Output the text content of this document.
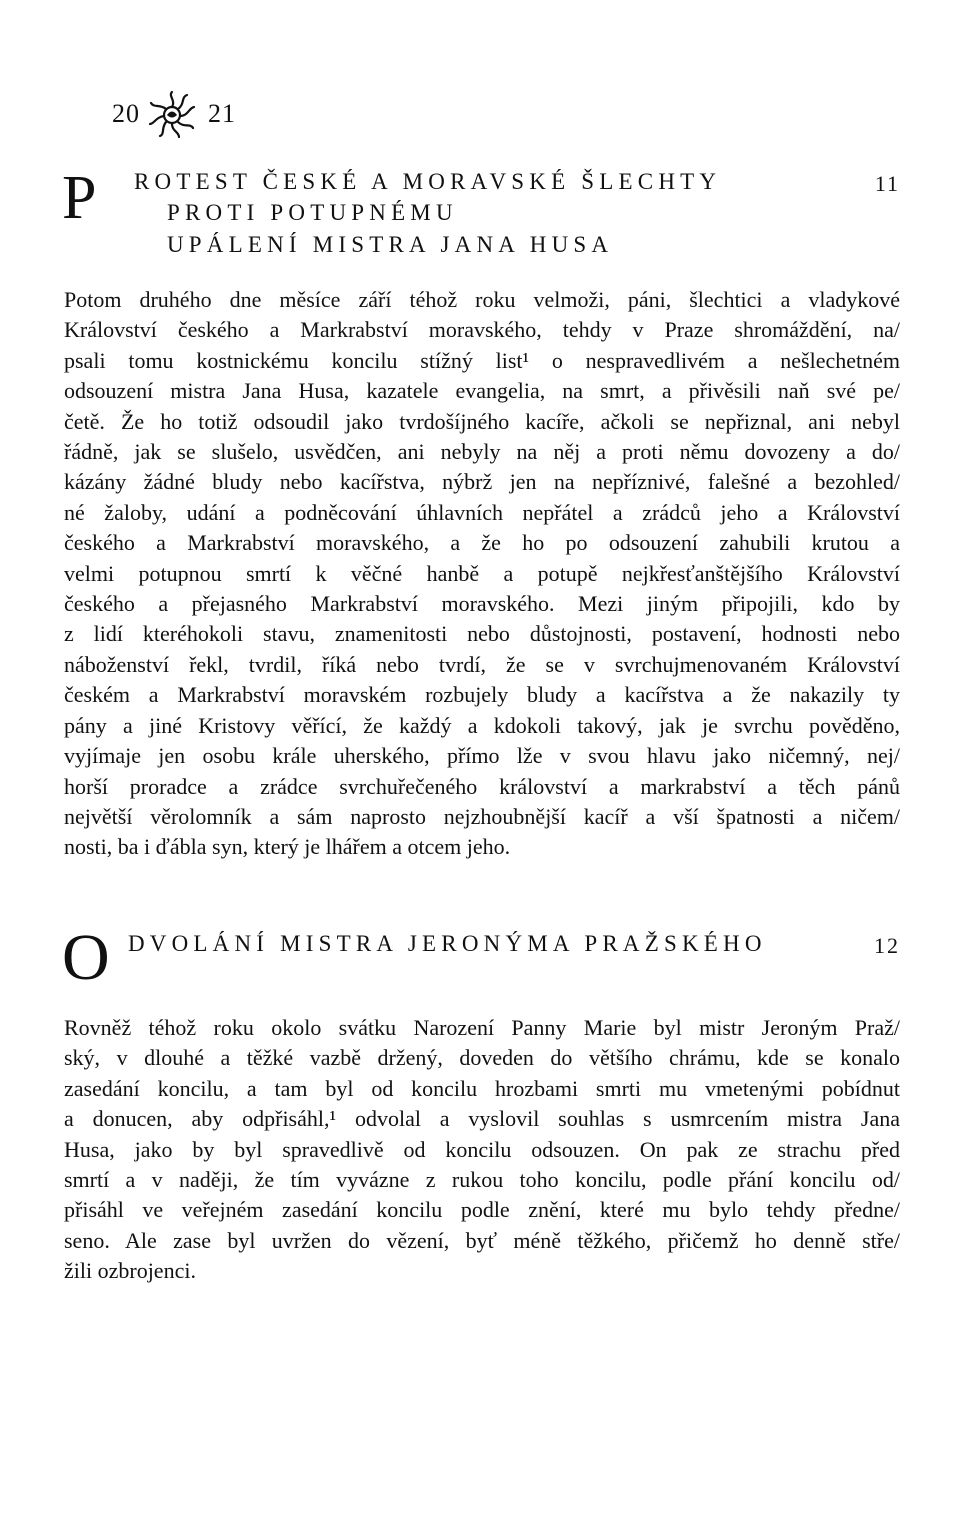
20	21
P ROTEST ČESKÉ A MORAVSKÉ ŠLECHTY
PROTI POTUPNÉMU
UPÁLENÍ MISTRA JANA HUSA
11
Potom druhého dne měsíce září téhož roku velmoži, páni, šlechtici a vladykové
Království českého a Markrabství moravského, tehdy v Praze shromáždění, na/
psali tomu kostnickému koncilu stížný list¹ o nespravedlivém a nešlechetném
odsouzení mistra Jana Husa, kazatele evangelia, na smrt, a přivěsili naň své pe/
četě. Že ho totiž odsoudil jako tvrdošíjného kacíře, ačkoli se nepřiznal, ani nebyl
řádně, jak se slušelo, usvědčen, ani nebyly na něj a proti němu dovozeny a do/
kázány žádné bludy nebo kacířstva, nýbrž jen na nepříznivé, falešné a bezohled/
né žaloby, udání a podněcování úhlavních nepřátel a zrádců jeho a Království
českého a Markrabství moravského, a že ho po odsouzení zahubili krutou a
velmi potupnou smrtí k věčné hanbě a potupě nejkřesťanštějšího Království
českého a přejasného Markrabství moravského. Mezi jiným připojili, kdo by
z lidí kteréhokoli stavu, znamenitosti nebo důstojnosti, postavení, hodnosti nebo
náboženství řekl, tvrdil, říká nebo tvrdí, že se v svrchujmenovaném Království
českém a Markrabství moravském rozbujely bludy a kacířstva a že nakazily ty
pány a jiné Kristovy věřící, že každý a kdokoli takový, jak je svrchu pověděno,
vyjímaje jen osobu krále uherského, přímo lže v svou hlavu jako ničemný, nej/
horší proradce a zrádce svrchuřečeného království a markrabství a těch pánů
největší věrolomník a sám naprosto nejzhoubnější kacíř a vší špatnosti a ničem/
nosti, ba i ďábla syn, který je lhářem a otcem jeho.
O DVOLÁNÍ MISTRA JERONÝMA PRAŽSKÉHO	12
Rovněž téhož roku okolo svátku Narození Panny Marie byl mistr Jeroným Praž/
ský, v dlouhé a těžké vazbě držený, doveden do většího chrámu, kde se konalo
zasedání koncilu, a tam byl od koncilu hrozbami smrti mu vmetenými pobídnut
a donucen, aby odpřisáhl,¹ odvolal a vyslovil souhlas s usmrcením mistra Jana
Husa, jako by byl spravedlivě od koncilu odsouzen. On pak ze strachu před
smrtí a v naději, že tím vyvázne z rukou toho koncilu, podle přání koncilu od/
přisáhl ve veřejném zasedání koncilu podle znění, které mu bylo tehdy předne/
seno. Ale zase byl uvržen do vězení, byť méně těžkého, přičemž ho denně stře/
žili ozbrojenci.
